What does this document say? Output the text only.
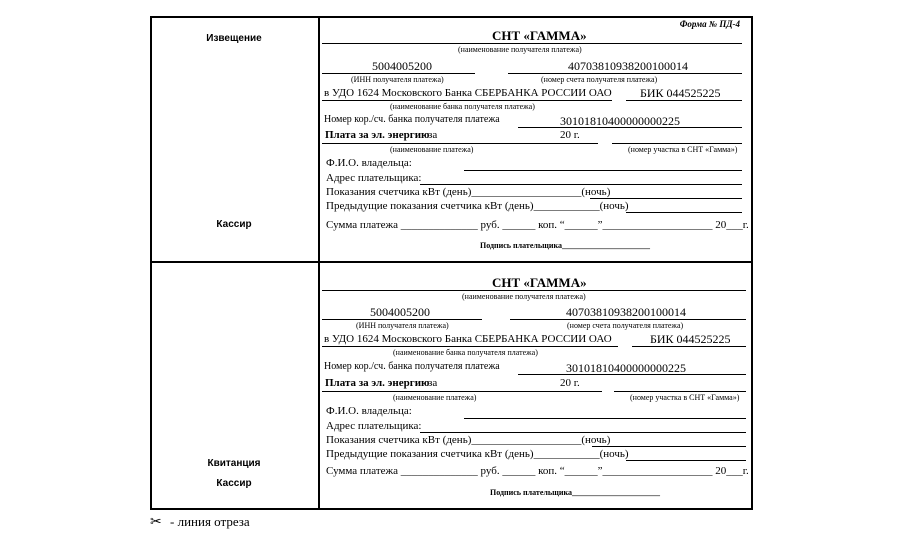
Форма № ПД-4
Извещение
Кассир
СНТ «ГАММА»
(наименование получателя платежа)
5004005200	40703810938200100014
(ИНН получателя платежа)	(номер счета получателя платежа)
в УДО 1624 Московского Банка СБЕРБАНКА РОССИИ ОАО БИК 044525225
(наименование банка получателя платежа)
Номер кор./сч. банка получателя платежа	30101810400000000225
Плата за эл. энергию
за	20 г.
(наименование платежа)	(номер участка в СНТ «Гамма»)
Ф.И.О. владельца:
Адрес плательщика:
Показания счетчика кВт (день)____________________(ночь)
Предыдущие показания счетчика кВт (день)____________(ночь)
Сумма платежа ______________ руб. ______ коп. “______”____________________ 20___г.
Подпись плательщика______________________
Квитанция
Кассир
СНТ «ГАММА»
(наименование получателя платежа)
5004005200	40703810938200100014
(ИНН получателя платежа)	(номер счета получателя платежа)
в УДО 1624 Московского Банка СБЕРБАНКА РОССИИ ОАО	БИК 044525225
(наименование банка получателя платежа)
Номер кор./сч. банка получателя платежа	30101810400000000225
Плата за эл. энергию
за	20 г.
(наименование платежа)	(номер участка в СНТ «Гамма»)
Ф.И.О. владельца:
Адрес плательщика:
Показания счетчика кВт (день)____________________(ночь)
Предыдущие показания счетчика кВт (день)____________(ночь)
Сумма платежа ______________ руб. ______ коп. “______”____________________ 20___г.
Подпись плательщика______________________
✂ - линия отреза
